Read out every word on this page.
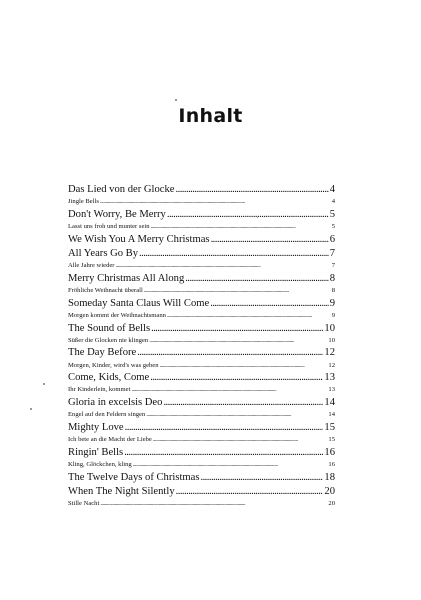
Inhalt
Das Lied von der Glocke . . .	4
Jingle Bells . . .	4
Don't Worry, Be Merry . . .	5
Lasst uns froh und munter sein . . .	5
We Wish You A Merry Christmas . . .	6
All Years Go By . . .	7
Alle Jahre wieder . . .	7
Merry Christmas All Along . . .	8
Fröhliche Weihnacht überall . . .	8
Someday Santa Claus Will Come . . .	9
Morgen kommt der Weihnachtsmann . . .	9
The Sound of Bells . . .	10
Süßer die Glocken nie klingen . . .	10
The Day Before . . .	12
Morgen, Kinder, wird's was geben . . .	12
Come, Kids, Come . . .	13
Ihr Kinderlein, kommet . . .	13
Gloria in excelsis Deo . . .	14
Engel auf den Feldern singen . . .	14
Mighty Love . . .	15
Ich bete an die Macht der Liebe . . .	15
Ringin' Bells . . .	16
Kling, Glöckchen, kling . . .	16
The Twelve Days of Christmas . . .	18
When The Night Silently . . .	20
Stille Nacht . . .	20
